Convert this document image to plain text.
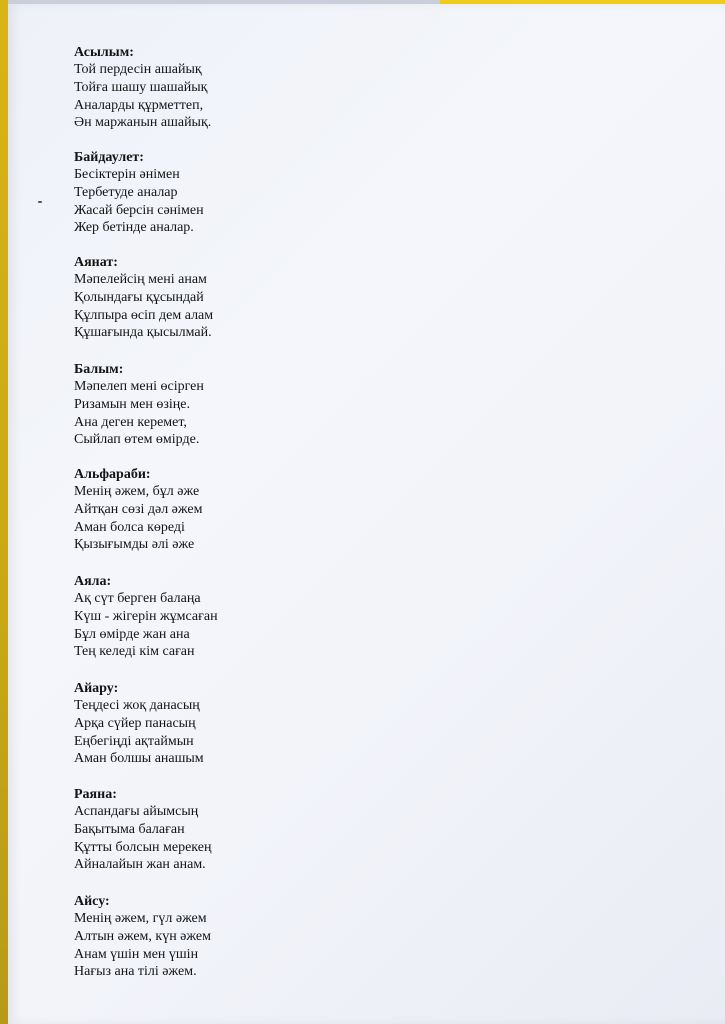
Асылым:
Той пердесін ашайық
Тойға шашу шашайық
Аналарды құрметтеп,
Ән маржанын ашайық.
Байдаулет:
Бесіктерін әнімен
Тербетуде аналар
Жасай берсін сәнімен
Жер бетінде аналар.
Аянат:
Мәпелейсің мені анам
Қолындағы құсындай
Құлпыра өсіп дем алам
Құшағында қысылмай.
Балым:
Мәпелеп мені өсірген
Ризамын мен өзіңе.
Ана деген керемет,
Сыйлап өтем өмірде.
Альфараби:
Менің әжем, бұл әже
Айтқан сөзі дәл әжем
Аман болса көреді
Қызығымды әлі әже
Аяла:
Ақ сүт берген балаңа
Күш - жігерін жұмсаған
Бұл өмірде жан ана
Тең келеді кім саған
Айару:
Теңдесі жоқ данасың
Арқа сүйер панасың
Еңбегіңді ақтаймын
Аман болшы анашым
Раяна:
Аспандағы айымсың
Бақытыма балаған
Құтты болсын мерекең
Айналайын жан анам.
Айсу:
Менің әжем, гүл әжем
Алтын әжем, күн әжем
Анам үшін мен үшін
Нағыз ана тілі әжем.
